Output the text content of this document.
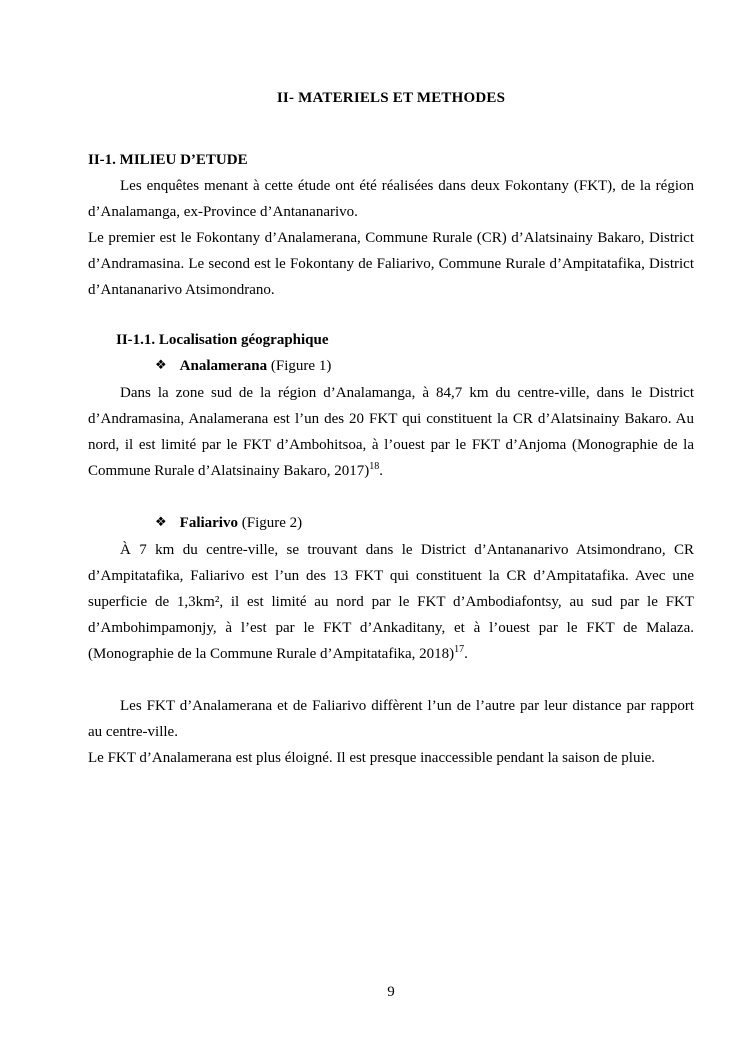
II- MATERIELS ET METHODES
II-1. MILIEU D’ETUDE

Les enquêtes menant à cette étude ont été réalisées dans deux Fokontany (FKT), de la région d’Analamanga, ex-Province d’Antananarivo.

Le premier est le Fokontany d’Analamerana, Commune Rurale (CR) d’Alatsinainy Bakaro, District d’Andramasina. Le second est le Fokontany de Faliarivo, Commune Rurale d’Ampitatafika, District d’Antananarivo Atsimondrano.

II-1.1. Localisation géographique
❖ Analamerana (Figure 1)

Dans la zone sud de la région d’Analamanga, à 84,7 km du centre-ville, dans le District d’Andramasina, Analamerana est l’un des 20 FKT qui constituent la CR d’Alatsinainy Bakaro. Au nord, il est limité par le FKT d’Ambohitsoa, à l’ouest par le FKT d’Anjoma (Monographie de la Commune Rurale d’Alatsinainy Bakaro, 2017)$^{18}$.

❖ Faliarivo (Figure 2)

À 7 km du centre-ville, se trouvant dans le District d’Antananarivo Atsimondrano, CR d’Ampitatafika, Faliarivo est l’un des 13 FKT qui constituent la CR d’Ampitatafika. Avec une superficie de 1,3km², il est limité au nord par le FKT d’Ambodiafontsy, au sud par le FKT d’Ambohimpamonjy, à l’est par le FKT d’Ankaditany, et à l’ouest par le FKT de Malaza. (Monographie de la Commune Rurale d’Ampitatafika, 2018)$^{17}$.

Les FKT d’Analamerana et de Faliarivo diffèrent l’un de l’autre par leur distance par rapport au centre-ville.

Le FKT d’Analamerana est plus éloigné. Il est presque inaccessible pendant la saison de pluie.

9
